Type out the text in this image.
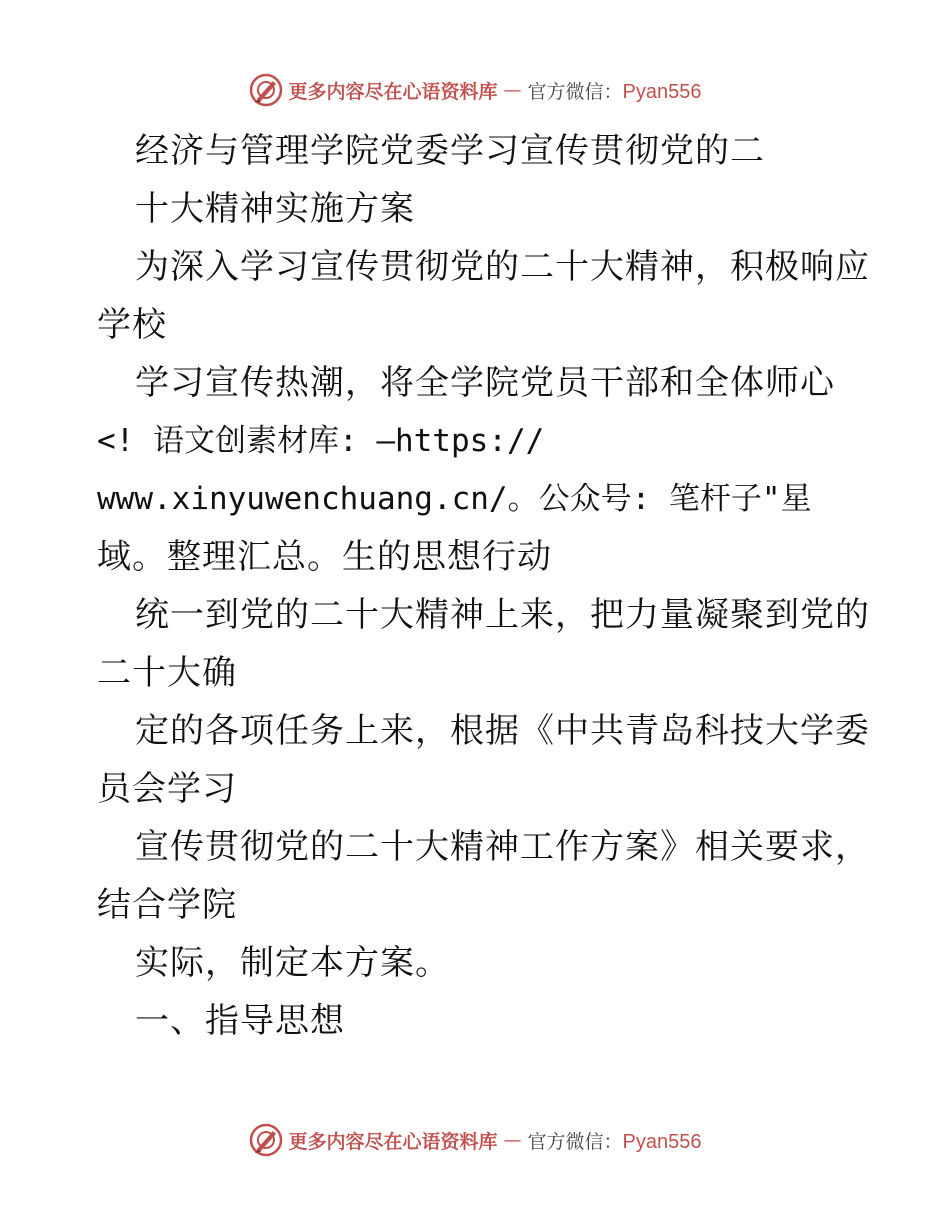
更多内容尽在心语资料库 — 官方微信：Pyan556
经济与管理学院党委学习宣传贯彻党的二
十大精神实施方案
为深入学习宣传贯彻党的二十大精神，积极响应
学校
学习宣传热潮，将全学院党员干部和全体师心
<! 语文创素材库: —https://
www.xinyuwenchuang.cn/。公众号: 笔杆子"星
域。整理汇总。生的思想行动
统一到党的二十大精神上来，把力量凝聚到党的
二十大确
定的各项任务上来，根据《中共青岛科技大学委
员会学习
宣传贯彻党的二十大精神工作方案》相关要求，
结合学院
实际，制定本方案。
一、指导思想
更多内容尽在心语资料库 — 官方微信：Pyan556
